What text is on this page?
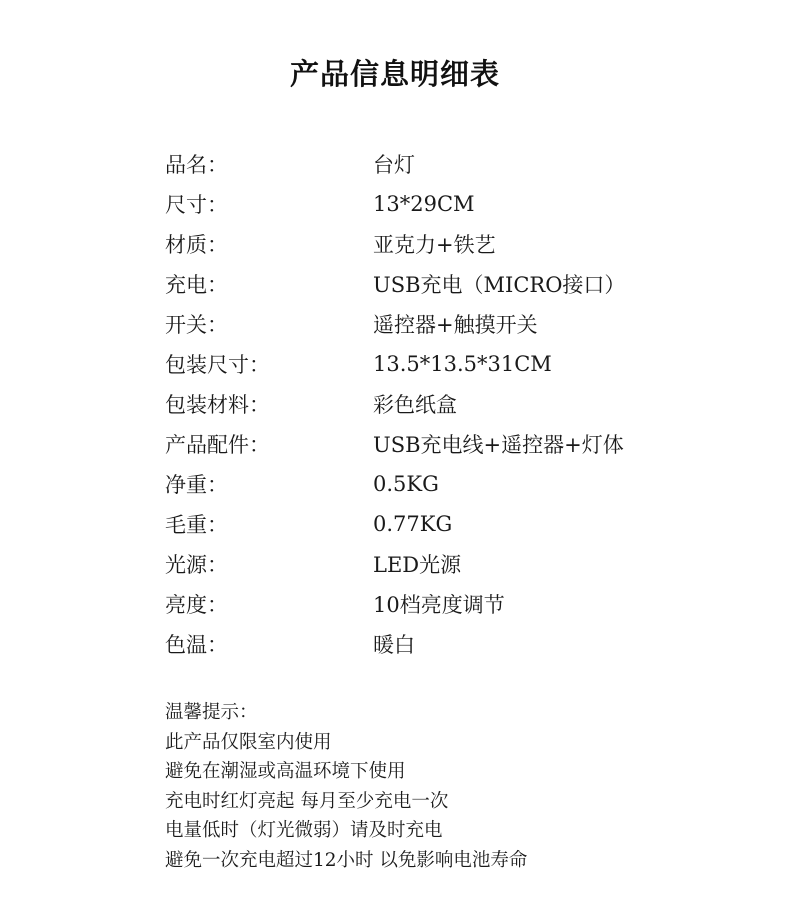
产品信息明细表
品名：	台灯
尺寸：	13*29CM
材质：	亚克力+铁艺
充电：	USB充电（MICRO接口）
开关：	遥控器+触摸开关
包装尺寸：	13.5*13.5*31CM
包装材料：	彩色纸盒
产品配件：	USB充电线+遥控器+灯体
净重：	0.5KG
毛重：	0.77KG
光源：	LED光源
亮度：	10档亮度调节
色温：	暖白
温馨提示：
此产品仅限室内使用
避免在潮湿或高温环境下使用
充电时红灯亮起 每月至少充电一次
电量低时（灯光微弱）请及时充电
避免一次充电超过12小时 以免影响电池寿命
